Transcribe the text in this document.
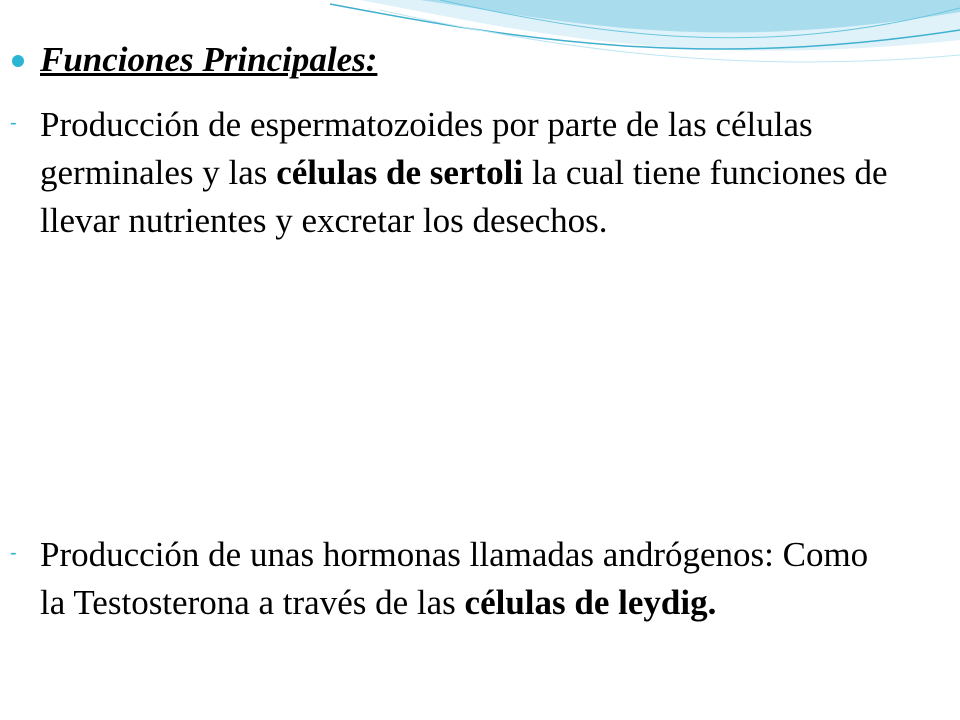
Funciones Principales:
- Producción de espermatozoides por parte de las células germinales y las células de sertoli la cual tiene funciones de llevar nutrientes y excretar los desechos.
- Producción de unas hormonas llamadas andrógenos: Como la Testosterona a través de las células de leydig.
